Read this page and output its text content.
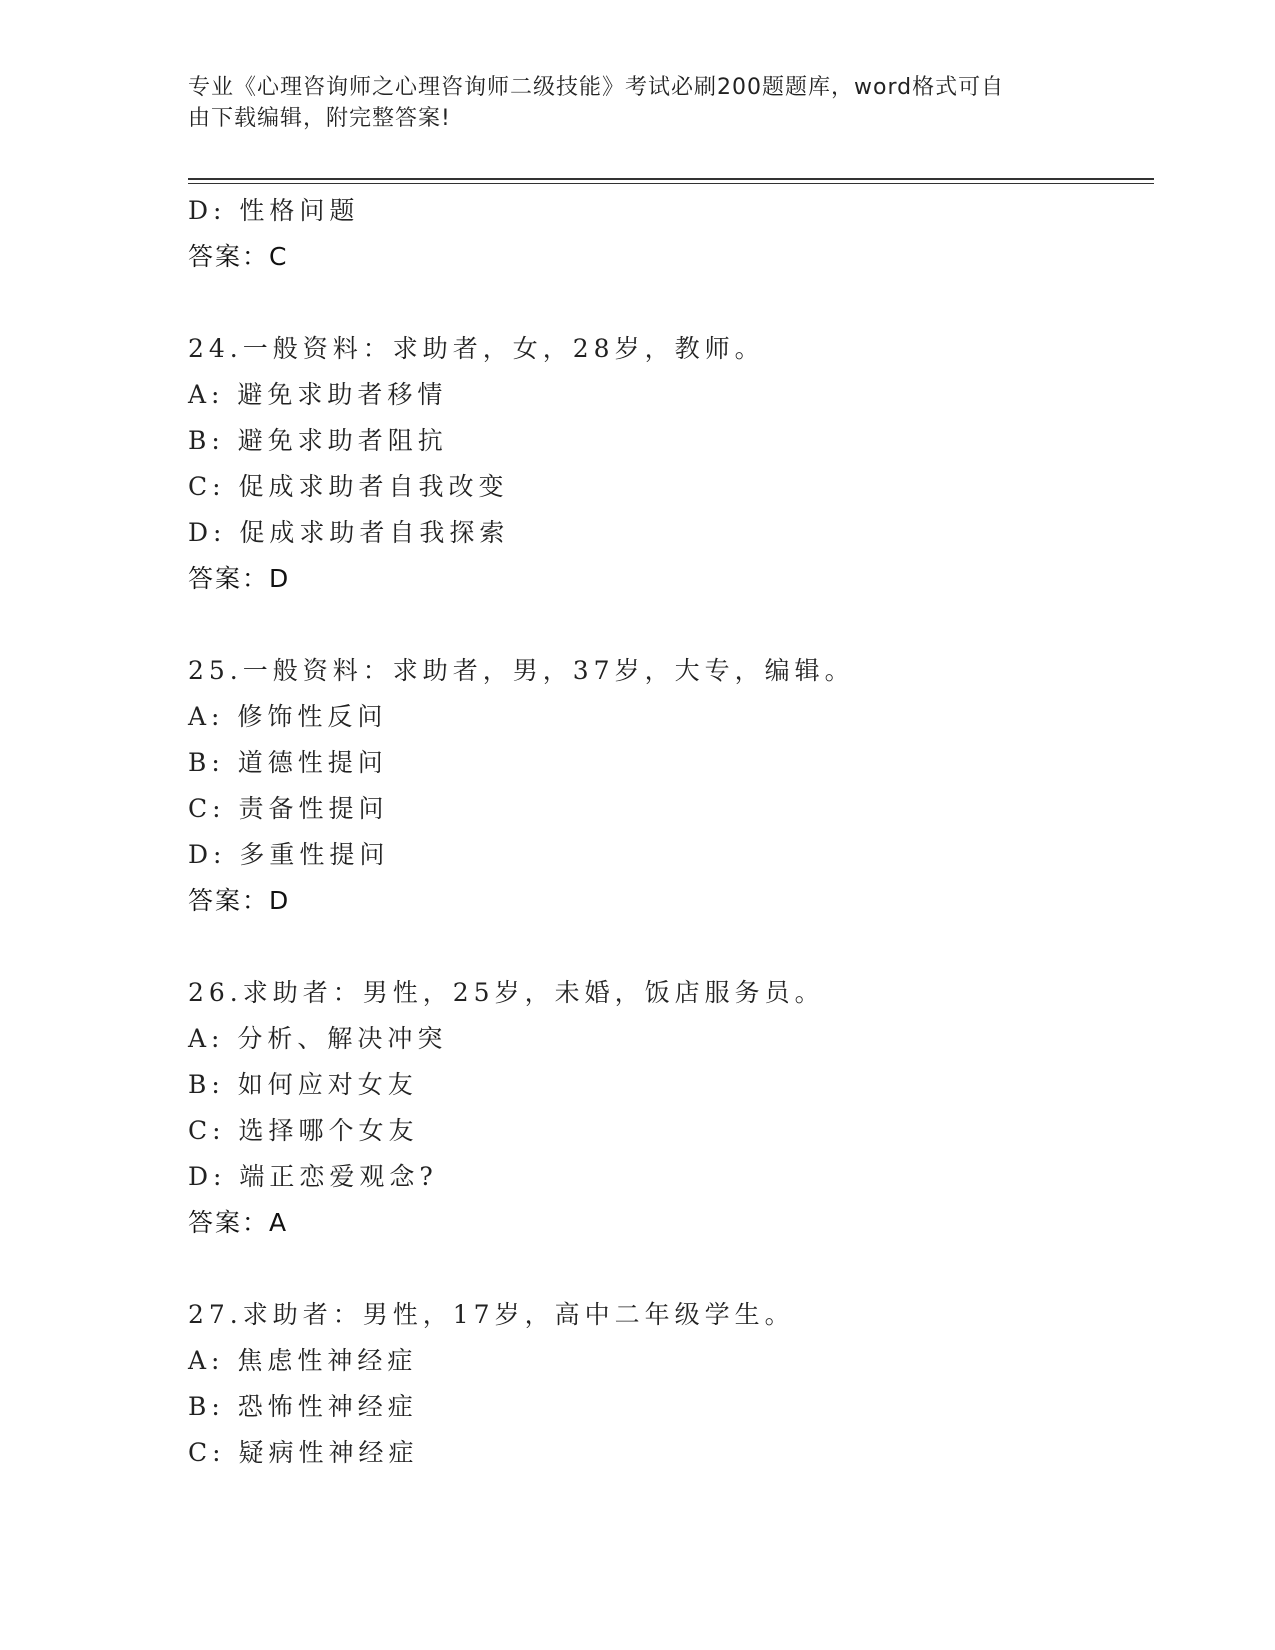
专业《心理咨询师之心理咨询师二级技能》考试必刷200题题库，word格式可自
由下载编辑，附完整答案!
D: 性格问题
答案：C
24.一般资料：求助者，女，28岁，教师。
A: 避免求助者移情
B: 避免求助者阻抗
C: 促成求助者自我改变
D: 促成求助者自我探索
答案：D
25.一般资料：求助者，男，37岁，大专，编辑。
A: 修饰性反问
B: 道德性提问
C: 责备性提问
D: 多重性提问
答案：D
26.求助者：男性，25岁，未婚，饭店服务员。
A: 分析、解决冲突
B: 如何应对女友
C: 选择哪个女友
D: 端正恋爱观念?
答案：A
27.求助者：男性，17岁，高中二年级学生。
A: 焦虑性神经症
B: 恐怖性神经症
C: 疑病性神经症
